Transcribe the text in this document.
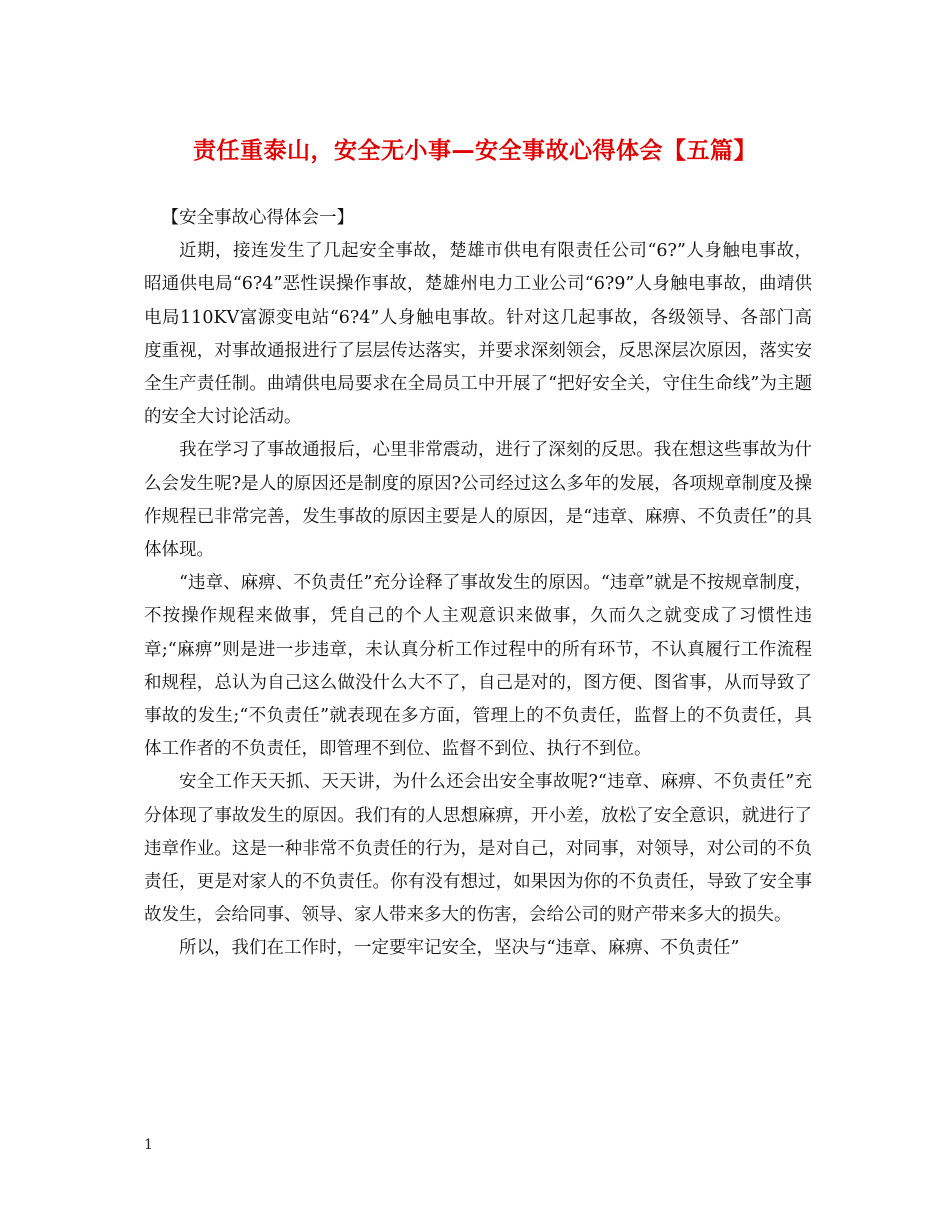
责任重泰山，安全无小事—安全事故心得体会【五篇】

【安全事故心得体会一】

近期，接连发生了几起安全事故，楚雄市供电有限责任公司“6?”人身触电事故，昭通供电局“6?4”恶性误操作事故，楚雄州电力工业公司“6?9”人身触电事故，曲靖供电局110KV富源变电站“6?4”人身触电事故。针对这几起事故，各级领导、各部门高度重视，对事故通报进行了层层传达落实，并要求深刻领会，反思深层次原因，落实安全生产责任制。曲靖供电局要求在全局员工中开展了“把好安全关，守住生命线”为主题的安全大讨论活动。

我在学习了事故通报后，心里非常震动，进行了深刻的反思。我在想这些事故为什么会发生呢?是人的原因还是制度的原因?公司经过这么多年的发展，各项规章制度及操作规程已非常完善，发生事故的原因主要是人的原因，是“违章、麻痹、不负责任”的具体体现。

“违章、麻痹、不负责任”充分诠释了事故发生的原因。“违章”就是不按规章制度，不按操作规程来做事，凭自己的个人主观意识来做事，久而久之就变成了习惯性违章;“麻痹”则是进一步违章，未认真分析工作过程中的所有环节，不认真履行工作流程和规程，总认为自己这么做没什么大不了，自己是对的，图方便、图省事，从而导致了事故的发生;“不负责任”就表现在多方面，管理上的不负责任，监督上的不负责任，具体工作者的不负责任，即管理不到位、监督不到位、执行不到位。

安全工作天天抓、天天讲，为什么还会出安全事故呢?“违章、麻痹、不负责任”充分体现了事故发生的原因。我们有的人思想麻痹，开小差，放松了安全意识，就进行了违章作业。这是一种非常不负责任的行为，是对自己，对同事，对领导，对公司的不负责任，更是对家人的不负责任。你有没有想过，如果因为你的不负责任，导致了安全事故发生，会给同事、领导、家人带来多大的伤害，会给公司的财产带来多大的损失。

所以，我们在工作时，一定要牢记安全，坚决与“违章、麻痹、不负责任”

1
